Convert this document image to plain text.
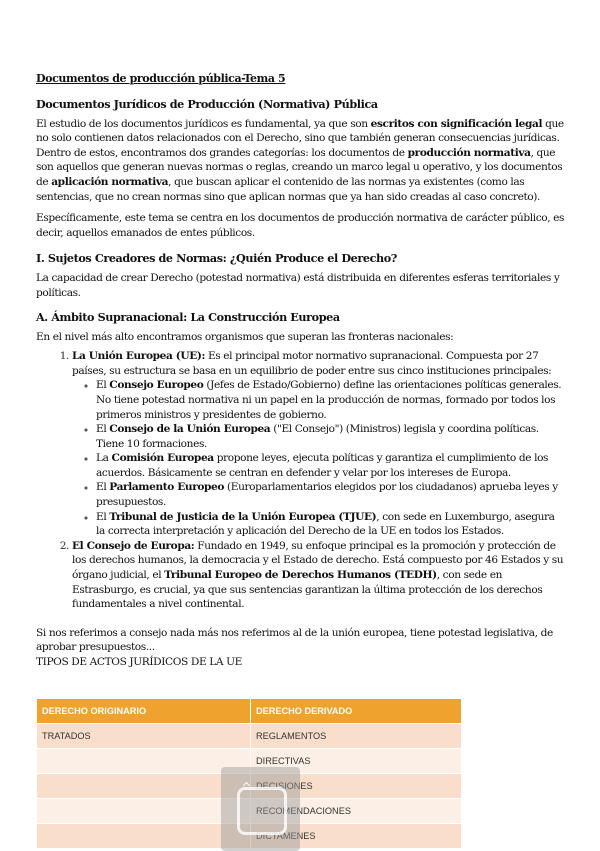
Documentos de producción pública-Tema 5
Documentos Jurídicos de Producción (Normativa) Pública

El estudio de los documentos jurídicos es fundamental, ya que son escritos con significación legal que no solo contienen datos relacionados con el Derecho, sino que también generan consecuencias jurídicas. Dentro de estos, encontramos dos grandes categorías: los documentos de producción normativa, que son aquellos que generan nuevas normas o reglas, creando un marco legal u operativo, y los documentos de aplicación normativa, que buscan aplicar el contenido de las normas ya existentes (como las sentencias, que no crean normas sino que aplican normas que ya han sido creadas al caso concreto).

Específicamente, este tema se centra en los documentos de producción normativa de carácter público, es decir, aquellos emanados de entes públicos.

I. Sujetos Creadores de Normas: ¿Quién Produce el Derecho?

La capacidad de crear Derecho (potestad normativa) está distribuida en diferentes esferas territoriales y políticas.

A. Ámbito Supranacional: La Construcción Europea

En el nivel más alto encontramos organismos que superan las fronteras nacionales:

1. La Unión Europea (UE): Es el principal motor normativo supranacional. Compuesta por 27 países, su estructura se basa en un equilibrio de poder entre sus cinco instituciones principales:
◦ El Consejo Europeo (Jefes de Estado/Gobierno) define las orientaciones políticas generales. No tiene potestad normativa ni un papel en la producción de normas, formado por todos los primeros ministros y presidentes de gobierno.
◦ El Consejo de la Unión Europea ("El Consejo") (Ministros) legisla y coordina políticas. Tiene 10 formaciones.
◦ La Comisión Europea propone leyes, ejecuta políticas y garantiza el cumplimiento de los acuerdos. Básicamente se centran en defender y velar por los intereses de Europa.
◦ El Parlamento Europeo (Europarlamentarios elegidos por los ciudadanos) aprueba leyes y presupuestos.
◦ El Tribunal de Justicia de la Unión Europea (TJUE), con sede en Luxemburgo, asegura la correcta interpretación y aplicación del Derecho de la UE en todos los Estados.
2. El Consejo de Europa: Fundado en 1949, su enfoque principal es la promoción y protección de los derechos humanos, la democracia y el Estado de derecho. Está compuesto por 46 Estados y su órgano judicial, el Tribunal Europeo de Derechos Humanos (TEDH), con sede en Estrasburgo, es crucial, ya que sus sentencias garantizan la última protección de los derechos fundamentales a nivel continental.

Si nos referimos a consejo nada más nos referimos al de la unión europea, tiene potestad legislativa, de aprobar presupuestos...

TIPOS DE ACTOS JURÍDICOS DE LA UE
DERECHO ORIGINARIO	DERECHO DERIVADO
TRATADOS	REGLAMENTOS
	DIRECTIVAS
	DECISIONES
	RECOMENDACIONES
	DICTAMENES
^
